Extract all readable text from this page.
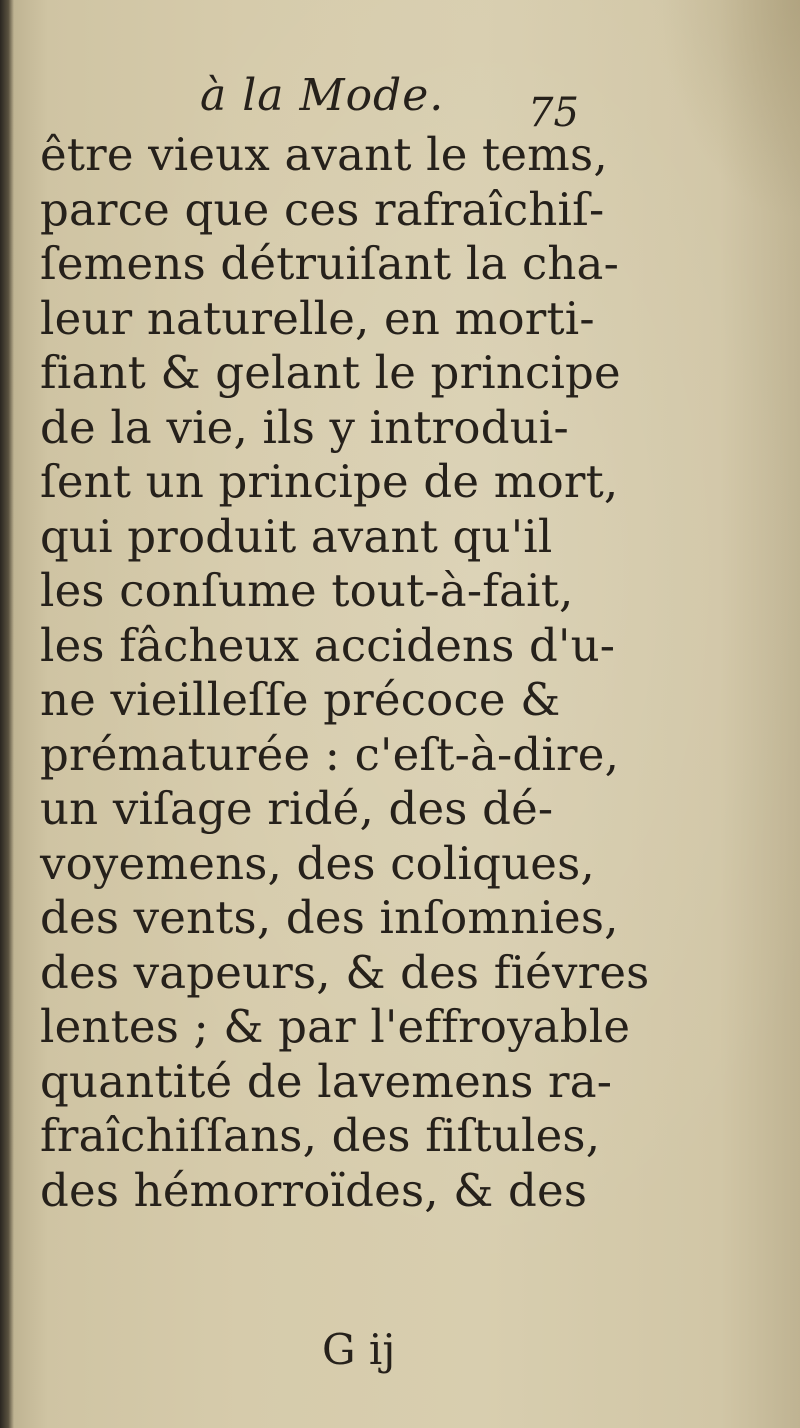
à la Mode. 75
être vieux avant le tems,
parce que ces rafraîchiſ-
ſemens détruiſant la cha-
leur naturelle, en morti-
fiant & gelant le principe
de la vie, ils y introdui-
ſent un principe de mort,
qui produit avant qu'il
les conſume tout-à-fait,
les fâcheux accidens d'u-
ne vieilleſſe précoce &
prématurée : c'eſt-à-dire,
un viſage ridé, des dé-
voyemens, des coliques,
des vents, des inſomnies,
des vapeurs, & des fiévres
lentes ; & par l'effroyable
quantité de lavemens ra-
fraîchiſſans, des fiſtules,
des hémorroïdes, & des
G ij
